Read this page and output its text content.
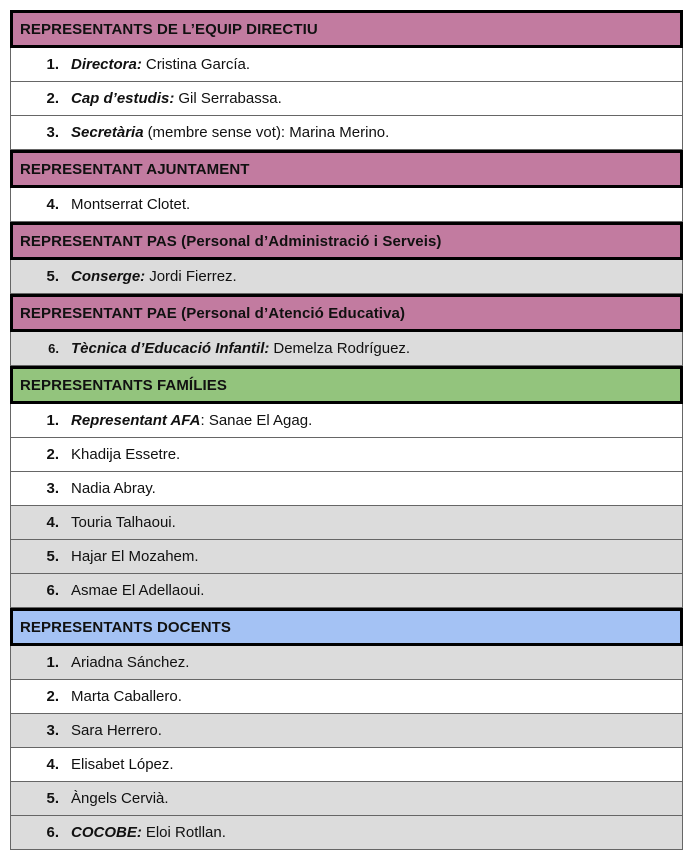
REPRESENTANTS DE L’EQUIP DIRECTIU
1. Directora: Cristina García.
2. Cap d’estudis: Gil Serrabassa.
3. Secretària (membre sense vot): Marina Merino.
REPRESENTANT AJUNTAMENT
4. Montserrat Clotet.
REPRESENTANT PAS (Personal d’Administració i Serveis)
5. Conserge: Jordi Fierrez.
REPRESENTANT PAE (Personal d’Atenció Educativa)
6. Tècnica d’Educació Infantil: Demelza Rodríguez.
REPRESENTANTS FAMÍLIES
1. Representant AFA: Sanae El Agag.
2. Khadija Essetre.
3. Nadia Abray.
4. Touria Talhaoui.
5. Hajar El Mozahem.
6. Asmae El Adellaoui.
REPRESENTANTS DOCENTS
1. Ariadna Sánchez.
2. Marta Caballero.
3. Sara Herrero.
4. Elisabet López.
5. Àngels Cervià.
6. COCOBE: Eloi Rotllan.
